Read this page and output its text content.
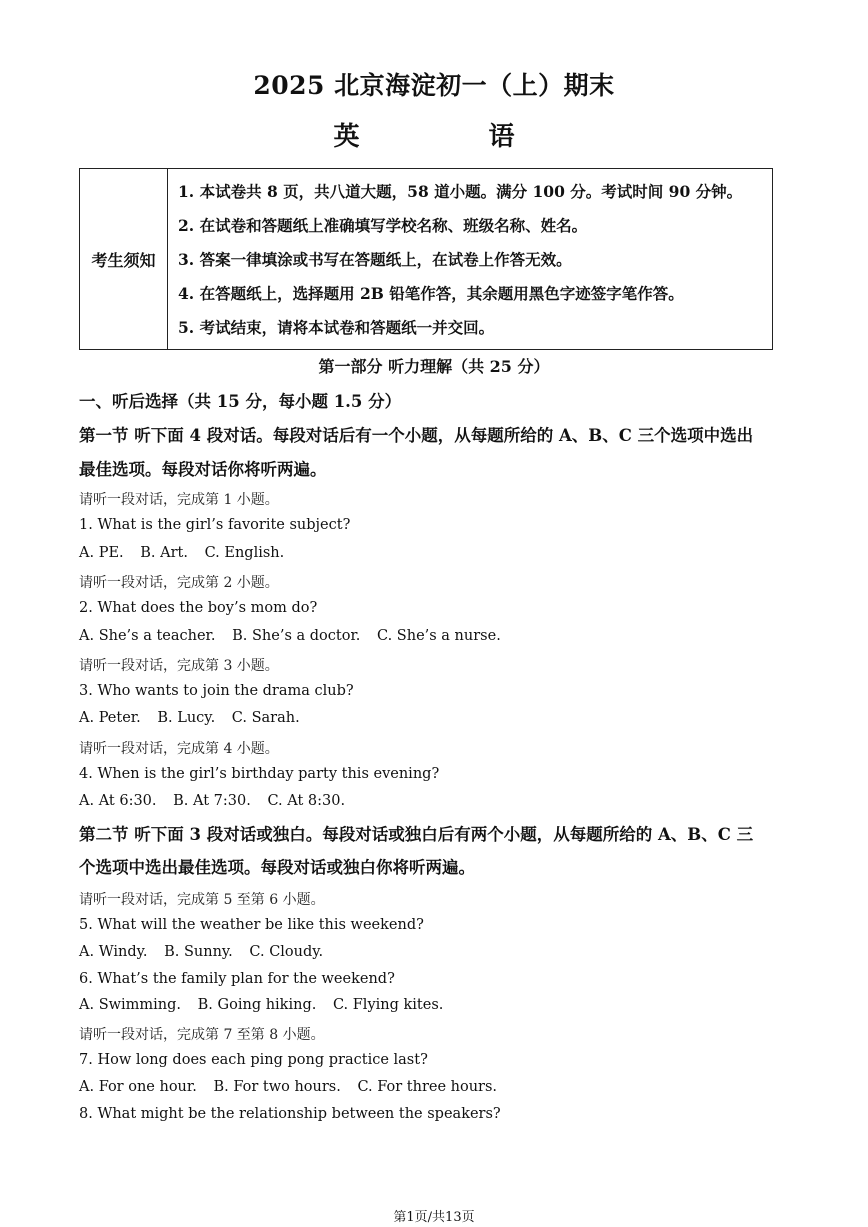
2025 北京海淀初一（上）期末
英 语
考生须知
1. 本试卷共 8 页，共八道大题，58 道小题。满分 100 分。考试时间 90 分钟。
2. 在试卷和答题纸上准确填写学校名称、班级名称、姓名。
3. 答案一律填涂或书写在答题纸上，在试卷上作答无效。
4. 在答题纸上，选择题用 2B 铅笔作答，其余题用黑色字迹签字笔作答。
5. 考试结束，请将本试卷和答题纸一并交回。
第一部分 听力理解（共 25 分）
一、听后选择（共 15 分，每小题 1.5 分）
第一节 听下面 4 段对话。每段对话后有一个小题，从每题所给的 A、B、C 三个选项中选出
最佳选项。每段对话你将听两遍。
请听一段对话，完成第 1 小题。
1. What is the girl’s favorite subject?
A. PE. B. Art. C. English.
请听一段对话，完成第 2 小题。
2. What does the boy’s mom do?
A. She’s a teacher. B. She’s a doctor. C. She’s a nurse.
请听一段对话，完成第 3 小题。
3. Who wants to join the drama club?
A. Peter. B. Lucy. C. Sarah.
请听一段对话，完成第 4 小题。
4. When is the girl’s birthday party this evening?
A. At 6:30. B. At 7:30. C. At 8:30.
第二节 听下面 3 段对话或独白。每段对话或独白后有两个小题，从每题所给的 A、B、C 三
个选项中选出最佳选项。每段对话或独白你将听两遍。
请听一段对话，完成第 5 至第 6 小题。
5. What will the weather be like this weekend?
A. Windy. B. Sunny. C. Cloudy.
6. What’s the family plan for the weekend?
A. Swimming. B. Going hiking. C. Flying kites.
请听一段对话，完成第 7 至第 8 小题。
7. How long does each ping pong practice last?
A. For one hour. B. For two hours. C. For three hours.
8. What might be the relationship between the speakers?
第1页/共13页
